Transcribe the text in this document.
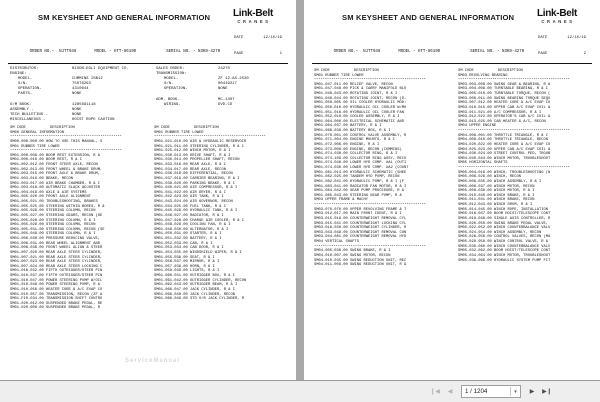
SM KEYSHEET AND GENERAL INFORMATION	Link-Belt
CRANES

DATE	12/10/19

PAGE	1

ORDER NO.-  NJTT946	MODEL - HTT-86100	SERIAL NO. - N3K9-4270

DISTRIBUTOR:	NIXON-EGLI EQUIPMENT CO.
ENGINE:
MODEL-	CUMMINS ISB12
S/N-	75076293
OPERATION-	4310644
PARTS-	NONE
O/M BOOK-	1285691118
ASSEMBLY -	NONE
TECH BULLETINS -	NONE
MISCELLANEOUS -	HOIST ROPE CAUTION
SALES ORDER:	24270
TRANSMISSION:
MODEL-	ZF 12-AS-2530
S/N-	00419217
OPERATION-	NONE
ADM. BOOK-	MC-1407
WIRING-	DVD-CD
SM CODE	DESCRIPTION
SM00 GENERAL INFORMATION
****************************************************
SM00-000-000.00 HOW TO USE THIS MANUAL, S
SM01 RUBBER TIRE LOWER
****************************************************
SM01-000-008.00 BOOM REST EXTENSION, R &
SM01-000-010.00 BOOM REST, R & I
SM01-002-012.00 FRONT STEER AXLE, RECON
SM01-002-013.00 FRONT WHEEL & BRAKE DRUM,
SM01-003-015.00 FRONT AXLE & BRAKE DRUM,
SM01-003-016.00 BRAKE, RECON
SM01-003-017.00 AIR BRAKE CHAMBER, R & I
SM01-003-018.00 AUTOMATIC SLACK ADJUSTER
SM01-004-019.00 AXLE & AIR SYSTEMS
SM01-005-020.00 FRONT AXLE ALIGNMENT
SM01-005-021.00 TROUBLESHOOTING, BRAKES
SM01-005-025.00 STEERING WITHIN BORES, R &
SM01-005-026.00 STEERING COLUMN, RECON
SM01-005-027.00 STEERING GEARS, RECON (SE
SM01-005-028.00 STEERING COLUMN, R & I
SM01-005-029.00 STEERING COLUMN, RECON
SM01-005-031.00 STEERING COLUMN, RECON (SE
SM01-005-048.00 STEERING COLUMN, R & I
SM01-006-030.00 PRESSURE REDUCING VALVE,
SM01-006-031.00 REAR WHEEL ALIGNMENT AND
SM01-006-036.00 FRONT WHEEL ALIGN & STEER
SM01-007-020.00 REAR AXLE STEER CYLINDER,
SM01-007-021.00 REAR AXLE STEER CYLINDER,
SM01-007-023.00 REAR AXLE STEER CYLINDER,
SM01-007-024.00 REAR AXLE STEER LOCKING C
SM01-010-032.00 FIFTH OUTRIGGER/STEER PIN
SM01-010-037.00 FIFTH OUTRIGGER/STEER PIN
SM01-010-047.00 POWER STEERING PUMP W/OIL
SM01-010-048.00 POWER STEERING PUMP, R &
SM01-010-056.00 HEATER CORE & A/C EVAP CO
SM01-010-057.00 TRANSMISSION, RECON (ZF A
SM01-F10-034.00 TRANSMISSION SHIFT CONTRO
SM01-020-012.00 SUSPENDED BRAKE PEDAL, RE
SM01-020-008.00 SUSPENDED BRAKE PEDAL, R
SM CODE	DESCRIPTION
SM01 RUBBER TIRE LOWER
****************************************************
SM01-021-010.00 AIR & HYDRAULIC RESERVOIR
SM01-021-011.00 STEERING CYLINDER, R & I
SM01-025-012.00 WINCH MOTOR, R & I
SM01-030-013.00 DRIVE SHAFT, R & I
SM01-030-014.00 PROPELLER SHAFT, RECON
SM01-033-016.00 REAR AXLE, R & I
SM01-034-017.00 REAR AXLE, RECON
SM01-036-018.00 DIFFERENTIAL, RECON
SM01-037-019.00 CARRIER BEARING, R & I
SM01-038-020.00 PARKING BRAKE, R & I
SM01-040-021.00 AIR COMPRESSOR, R & I
SM01-041-022.00 AIR DRYER, R & I
SM01-042-023.00 AIR TANK, R & I
SM01-043-024.00 AIR GOVERNOR, RECON
SM01-044-025.00 FUEL TANK, R & I
SM01-045-026.00 HYDRAULIC TANK, R & I
SM01-046-027.00 RADIATOR, R & I
SM01-047-028.00 CHARGE AIR COOLER, R & I
SM01-048-029.00 COOLING FAN, R & I
SM01-049-030.00 ALTERNATOR, R & I
SM01-050-031.00 STARTER, R & I
SM01-051-032.00 BATTERY, R & I
SM01-052-033.00 CAB, R & I
SM01-053-034.00 CAB DOOR, R & I
SM01-054-035.00 WINDSHIELD WIPER, R & I
SM01-055-036.00 SEAT, R & I
SM01-056-037.00 MIRROR, R & I
SM01-057-038.00 HORN, R & I
SM01-058-039.00 LIGHTS, R & I
SM01-060-041.00 OUTRIGGER BOX, R & I
SM01-061-042.00 OUTRIGGER CYLINDER, RECON
SM01-062-043.00 OUTRIGGER BEAM, R & I
SM01-066-047.00 JACK CYLINDER, R & I
SM01-066-048.00 JACK CYLINDER, RECON
SM01-066-049.00 STD O/R JACK CYLINDER, R
ServiceManual
SM KEYSHEET AND GENERAL INFORMATION	Link-Belt
CRANES

DATE	12/10/19

PAGE	2

ORDER NO.-  NJTT946	MODEL - HTT-86100	SERIAL NO. - N3K9-4270

SM CODE	DESCRIPTION
SM01 RUBBER TIRE LOWER
****************************************************
SM01-047-011.00 RELIEF VALVE, RECON
SM01-047-048.00 PICK & CARRY MANIFOLD BLO
SM01-048-043.00 ROTATING JOINT, R & I
SM01-048-044.00 ROTATING JOINT, RECON (D-
SM01-050-005.00 OIL COOLER HYDRAULIC MOD:
SM01-050-010.00 HYDRAULIC OIL COOLER W/MO
SM01-051-016.00 HYDRAULIC OIL COOLER FAN
SM01-052-018.00 COOLER ASSEMBLY, R & I
SM01-064-000.00 ELECTRICAL SCHEMATIC AND
SM01-064-037.00 BATTERY, R & I
SM01-066-038.00 BATTERY BOX, R & I
SM01-070-001.00 CONTROL VALVE ASSEMBLY, R
SM01-071-004.00 ENGINE MOUNTS, R & I
SM01-072-006.00 ENGINE, R & I
SM01-073-008.00 ENGINE, RECON (CUMMINS)
SM01-074-030.00 COLLECTOR RING, R & I
SM01-074-109.00 COLLECTOR RING ASSY, RECO
SM01-074-046.00 LOWER HYD COMP. #A1 (OUTI
SM01-074-030.00 LOWER HYD COMP. #A2 (COUNT
SM01-081-014.00 HYDRAULIC SCHEMATIC (SHEE
SM01-082-025.00 TANDEM HYD PUMP, RECON
SM01-082-041.00 HYDRAULIC PUMP, R & I (F
SM01-083-041.00 RADIATOR FAN MOTOR, R & I
SM01-084-042.00 GEAR PUMP PROCEDURE, R &
SM01-085-043.00 STEERING GEAR PUMP, R &
SM03 UPPER FRAME & MACHY
****************************************************
SM03-070-070.00 UPPER REVOLVING FRAME & T
SM03-012-017.00 MAIN FRONT IDENT, R & I
SM03-015-019.00 COUNTERWEIGHT REMOVAL CYL
SM03-015-041.00 COUNTERWEIGHT LOCKING CYL
SM03-016-030.00 COUNTERWEIGHT CYLINDER, R
SM03-043-049.00 COUNTERWEIGHT REMOVAL CON
SM03-044-081.00 COUNTERWEIGHT REMOVAL HYD
SM04 VERTICAL SHAFTS
****************************************************
SM04-005-036.00 SWING BRAKE, R & I
SM04-010-007.00 SWING MOTOR, RECON
SM04-010-035.00 SWING REDUCTION UNIT, REC
SM04-011-009.00 SWING REDUCTION UNIT, R &
SM CODE	DESCRIPTION
SM03 REVOLVING BEARING
****************************************************
SM03-003-008.00 SWING GEAR & BEARING, R &
SM03-004-009.00 TURNTABLE BEARING, R & I
SM03-005-010.00 TURNTABLE TORQUE, RECON (
SM03-006-011.00 SWING BEARING TORQUE SEQU
SM03-007-012.00 HEATER CORE & A/C EVAP CO
SM03-010-015.00 UPPER CAB A/C EVAP COIL &
SM03-011-021.00 A/C COMPRESSOR, R & I
SM03-012-022.00 OPERATOR'S CAB A/C COIL &
SM03-013-025.00 CAB HEATER & A/C, RECON
SM04 UPPER ENGINE
****************************************************
SM04-008-001.00 THROTTLE TRIANGLE, R & I
SM04-008-010.00 THROTTLE TRIANGLE, RECON
SM04-020-022.00 HEATER CORE & A/C EVAP CO
SM04-025-023.00 UPPER CAB A/C EVAP COIL &
SM04-030-024.00 STREET CONTROL PED, TROUB
SM04-040-044.00 WINCH MOTOR, TROUBLESHOOT
SM05 HORIZONTAL SHAFTS
****************************************************
SM05-004-016.00 WINCH, TROUBLESHOOTING (N
SM05-006-028.00 WINCH, RECON
SM05-006-035.00 WINCH ASSEMBLY, R & I
SM05-006-037.00 WINCH MOTOR, RECON
SM05-008-038.00 WINCH MOTOR, R & I
SM05-010-040.00 WINCH BRAKE, R & I
SM05-011-041.00 WINCH BRAKE, RECON
SM05-012-043.00 WINCH DRUM, R & I
SM05-014-045.00 WINCH ROPE, INSTALLATION
SM05-016-047.00 BOOM HOIST/TELESCOPE CONT
SM05-018-049.00 SINGLE AXIS CONTROLLER, R
SM05-020-050.00 SWING BRAKE PEDAL VALVE,
SM05-022-052.00 WINCH COUNTERBALANCE VALV
SM05-024-054.00 WINCH ASSEMBLY, RECON
SM05-026-056.00 CONTROL VALVES, RECON (MA
SM05-028-058.00 WINCH CONTROL VALVE, R &
SM05-030-060.00 WINCH COUNTERBALANCE VALV
SM05-032-062.00 BOOM HOIST/TELESCOPE CONT
SM05-034-064.00 WINCH MOTOR, TROUBLESHOOT
SM05-036-066.00 HYDRAULIC SYSTEM PUMP FIT
❙◀	◀
1 / 1204	▾	▶	▶❙
